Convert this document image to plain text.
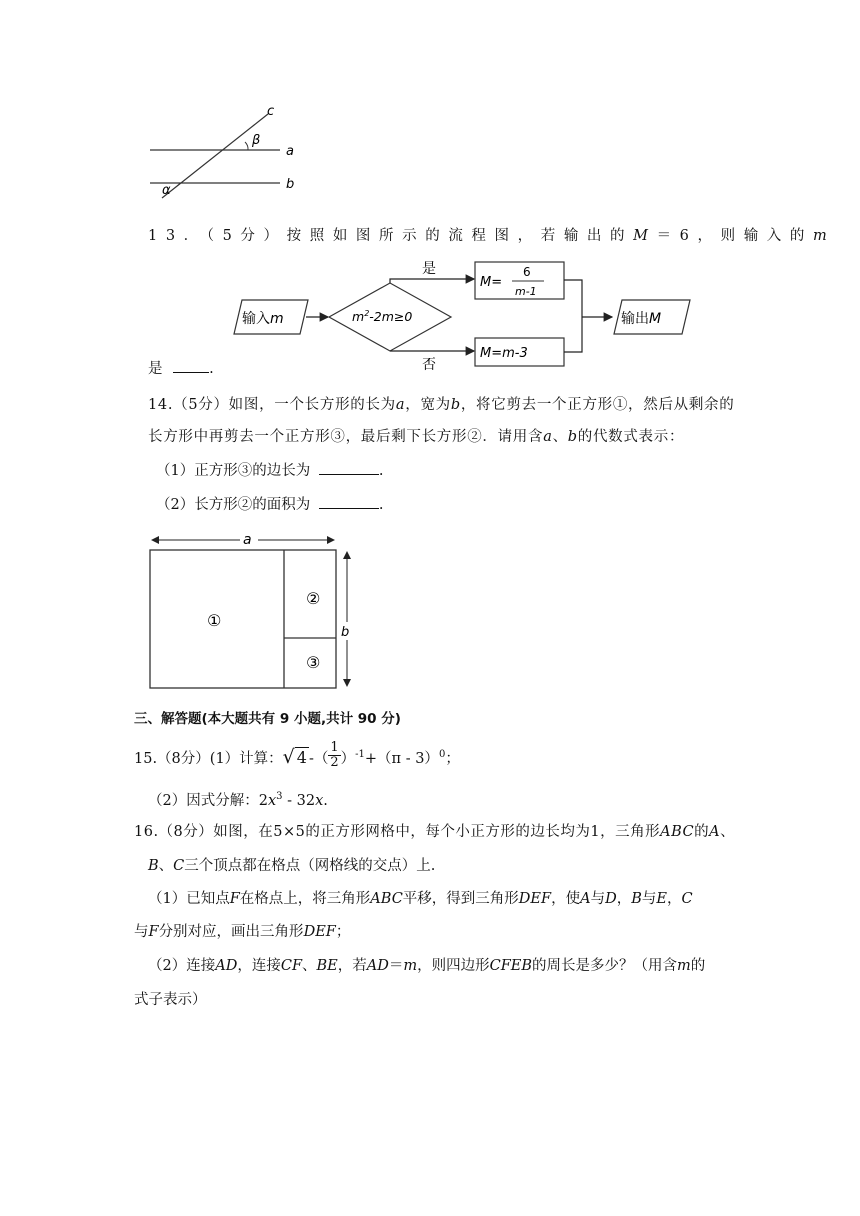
c
β
a
b
α
13．（5分）按照如图所示的流程图，若输出的M＝6，则输入的m
输入m	$m^2-2m\ge 0$
是
否
M=
6
m-1
M=m-3
输出M
是	.
14.（5分）如图，一个长方形的长为a，宽为b，将它剪去一个正方形①，然后从剩余的
长方形中再剪去一个正方形③，最后剩下长方形②．请用含a、b的代数式表示：
（1）正方形③的边长为	.
（2）长方形②的面积为	.
a
①
②
③
b
三、解答题(本大题共有 9 小题,共计 90 分)
15.（8分）(1）计算：√ 4 -（ $\frac{1}{2} )^{-1}+(\pi - 3)^0$；
（2）因式分解：$2x^3 - 32x$.
16.（8分）如图，在5×5的正方形网格中，每个小正方形的边长均为1，三角形ABC的A、
B、C三个顶点都在格点（网格线的交点）上.
（1）已知点F在格点上，将三角形ABC平移，得到三角形DEF，使A与D，B与E，C
与F分别对应，画出三角形DEF；
（2）连接AD，连接CF、BE，若AD＝m，则四边形CFEB的周长是多少？（用含m的
式子表示）
